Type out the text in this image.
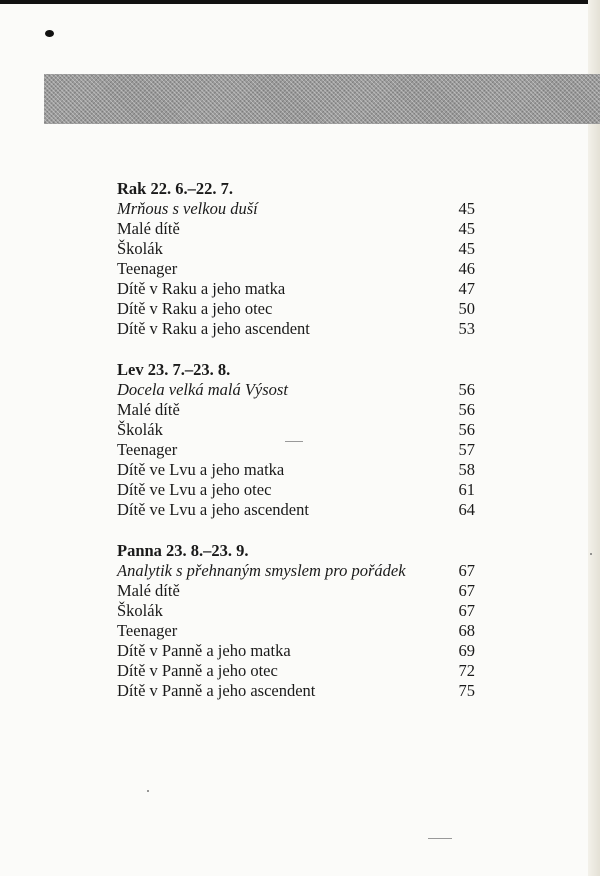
Rak 22. 6.–22. 7.
Mrňous s velkou duší	45
Malé dítě	45
Školák	45
Teenager	46
Dítě v Raku a jeho matka	47
Dítě v Raku a jeho otec	50
Dítě v Raku a jeho ascendent	53
Lev 23. 7.–23. 8.
Docela velká malá Výsost	56
Malé dítě	56
Školák	56
Teenager	57
Dítě ve Lvu a jeho matka	58
Dítě ve Lvu a jeho otec	61
Dítě ve Lvu a jeho ascendent	64
Panna 23. 8.–23. 9.
Analytik s přehnaným smyslem pro pořádek	67
Malé dítě	67
Školák	67
Teenager	68
Dítě v Panně a jeho matka	69
Dítě v Panně a jeho otec	72
Dítě v Panně a jeho ascendent	75
